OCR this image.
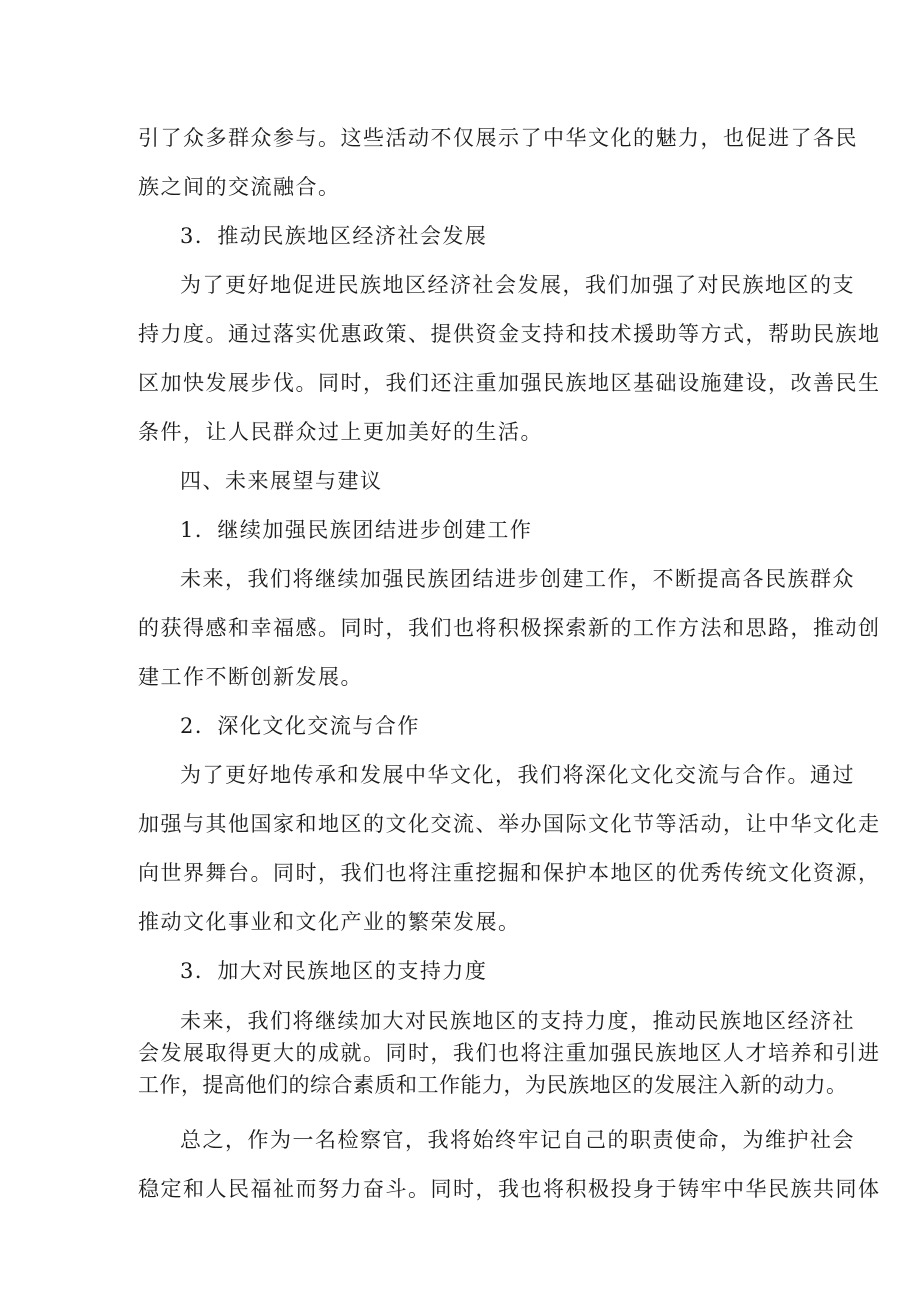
引了众多群众参与。这些活动不仅展示了中华文化的魅力，也促进了各民
族之间的交流融合。
3．推动民族地区经济社会发展
为了更好地促进民族地区经济社会发展，我们加强了对民族地区的支
持力度。通过落实优惠政策、提供资金支持和技术援助等方式，帮助民族地
区加快发展步伐。同时，我们还注重加强民族地区基础设施建设，改善民生
条件，让人民群众过上更加美好的生活。
四、未来展望与建议
1．继续加强民族团结进步创建工作
未来，我们将继续加强民族团结进步创建工作，不断提高各民族群众
的获得感和幸福感。同时，我们也将积极探索新的工作方法和思路，推动创
建工作不断创新发展。
2．深化文化交流与合作
为了更好地传承和发展中华文化，我们将深化文化交流与合作。通过
加强与其他国家和地区的文化交流、举办国际文化节等活动，让中华文化走
向世界舞台。同时，我们也将注重挖掘和保护本地区的优秀传统文化资源，
推动文化事业和文化产业的繁荣发展。
3．加大对民族地区的支持力度
未来，我们将继续加大对民族地区的支持力度，推动民族地区经济社
会发展取得更大的成就。同时，我们也将注重加强民族地区人才培养和引进
工作，提高他们的综合素质和工作能力，为民族地区的发展注入新的动力。
总之，作为一名检察官，我将始终牢记自己的职责使命，为维护社会
稳定和人民福祉而努力奋斗。同时，我也将积极投身于铸牢中华民族共同体
